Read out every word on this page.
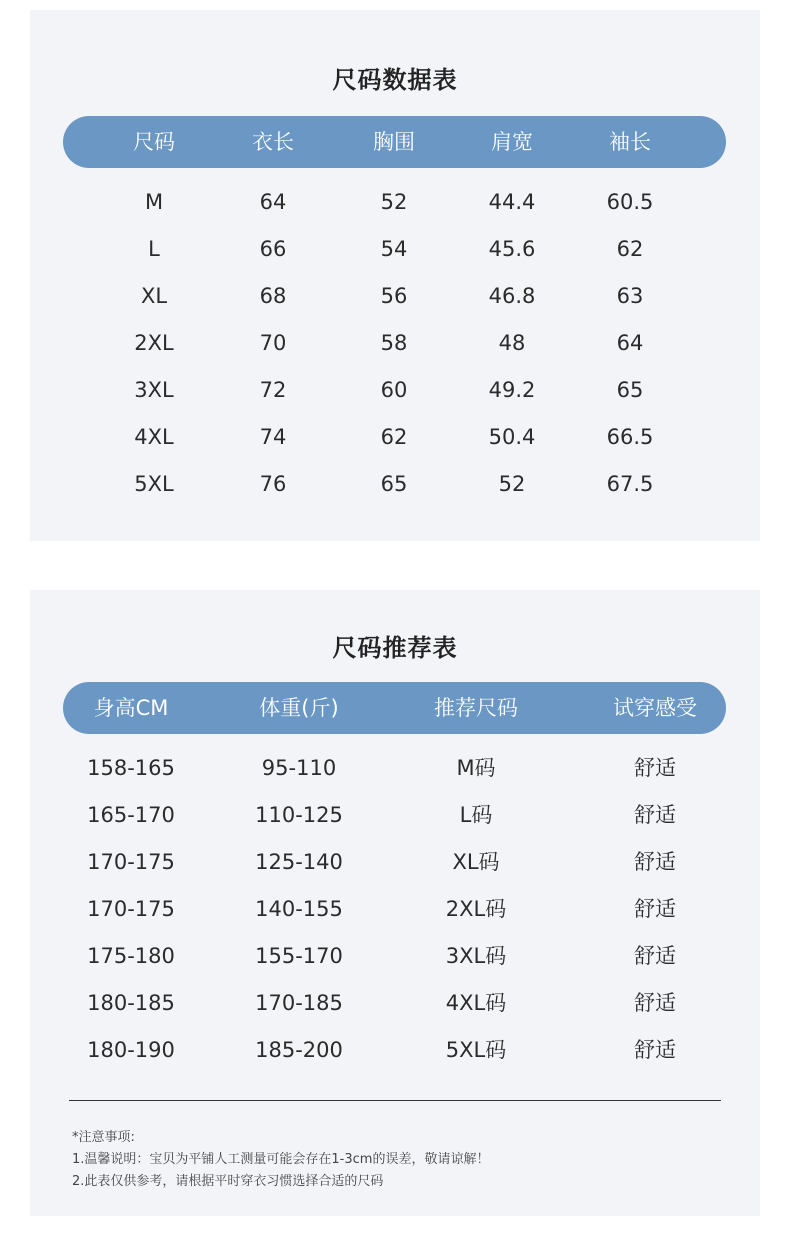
尺码数据表
尺码	衣长	胸围	肩宽	袖长
M	64	52	44.4	60.5
L	66	54	45.6	62
XL	68	56	46.8	63
2XL	70	58	48	64
3XL	72	60	49.2	65
4XL	74	62	50.4	66.5
5XL	76	65	52	67.5
尺码推荐表
身高CM	体重(斤)	推荐尺码	试穿感受
158-165	95-110	M码	舒适
165-170	110-125	L码	舒适
170-175	125-140	XL码	舒适
170-175	140-155	2XL码	舒适
175-180	155-170	3XL码	舒适
180-185	170-185	4XL码	舒适
180-190	185-200	5XL码	舒适
*注意事项:
1.温馨说明：宝贝为平铺人工测量可能会存在1-3cm的误差，敬请谅解！
2.此表仅供参考，请根据平时穿衣习惯选择合适的尺码
